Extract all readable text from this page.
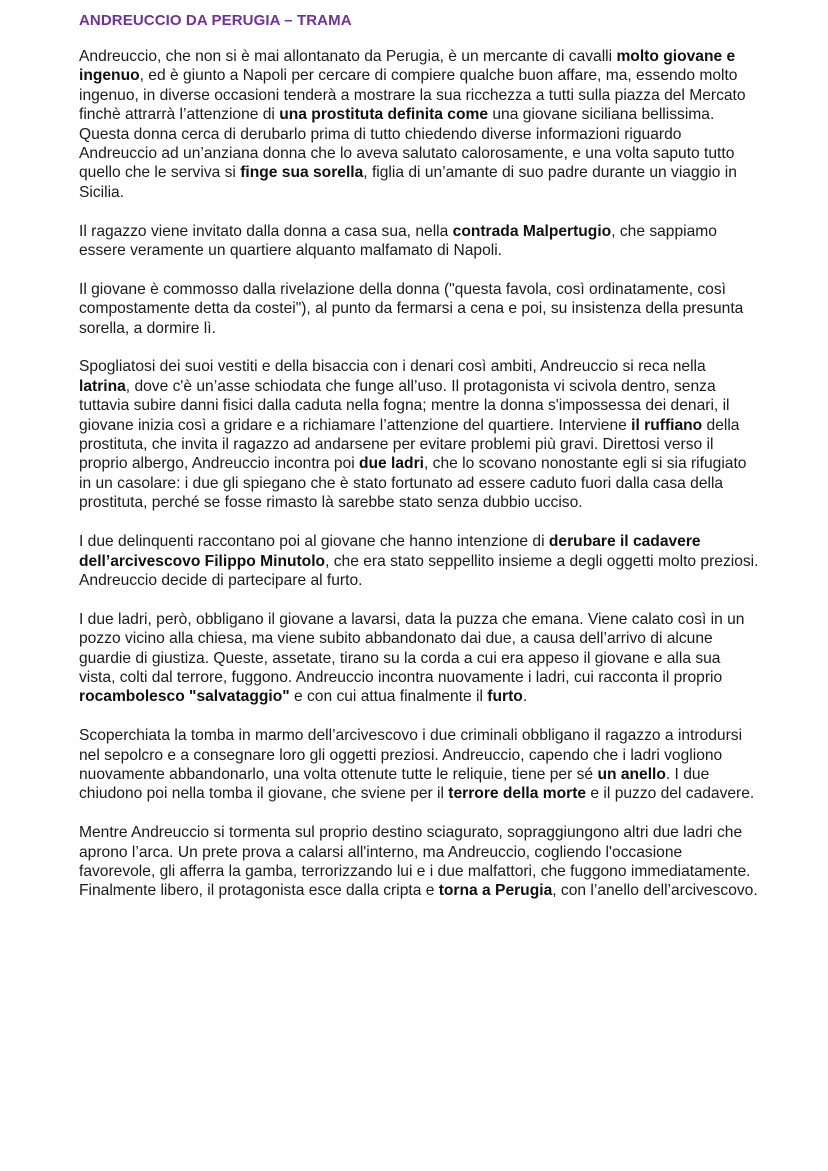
ANDREUCCIO DA PERUGIA – TRAMA

Andreuccio, che non si è mai allontanato da Perugia, è un mercante di cavalli molto giovane e ingenuo, ed è giunto a Napoli per cercare di compiere qualche buon affare, ma, essendo molto ingenuo, in diverse occasioni tenderà a mostrare la sua ricchezza a tutti sulla piazza del Mercato finchè attrarrà l’attenzione di una prostituta definita come una giovane siciliana bellissima. Questa donna cerca di derubarlo prima di tutto chiedendo diverse informazioni riguardo Andreuccio ad un’anziana donna che lo aveva salutato calorosamente, e una volta saputo tutto quello che le serviva si finge sua sorella, figlia di un’amante di suo padre durante un viaggio in Sicilia.

Il ragazzo viene invitato dalla donna a casa sua, nella contrada Malpertugio, che sappiamo essere veramente un quartiere alquanto malfamato di Napoli.

Il giovane è commosso dalla rivelazione della donna ("questa favola, così ordinatamente, così compostamente detta da costei"), al punto da fermarsi a cena e poi, su insistenza della presunta sorella, a dormire lì.

Spogliatosi dei suoi vestiti e della bisaccia con i denari così ambiti, Andreuccio si reca nella latrina, dove c'è un’asse schiodata che funge all’uso. Il protagonista vi scivola dentro, senza tuttavia subire danni fisici dalla caduta nella fogna; mentre la donna s'impossessa dei denari, il giovane inizia così a gridare e a richiamare l’attenzione del quartiere. Interviene il ruffiano della prostituta, che invita il ragazzo ad andarsene per evitare problemi più gravi. Direttosi verso il proprio albergo, Andreuccio incontra poi due ladri, che lo scovano nonostante egli si sia rifugiato in un casolare: i due gli spiegano che è stato fortunato ad essere caduto fuori dalla casa della prostituta, perché se fosse rimasto là sarebbe stato senza dubbio ucciso.

I due delinquenti raccontano poi al giovane che hanno intenzione di derubare il cadavere dell’arcivescovo Filippo Minutolo, che era stato seppellito insieme a degli oggetti molto preziosi. Andreuccio decide di partecipare al furto.

I due ladri, però, obbligano il giovane a lavarsi, data la puzza che emana. Viene calato così in un pozzo vicino alla chiesa, ma viene subito abbandonato dai due, a causa dell’arrivo di alcune guardie di giustiza. Queste, assetate, tirano su la corda a cui era appeso il giovane e alla sua vista, colti dal terrore, fuggono. Andreuccio incontra nuovamente i ladri, cui racconta il proprio rocambolesco "salvataggio" e con cui attua finalmente il furto.

Scoperchiata la tomba in marmo dell’arcivescovo i due criminali obbligano il ragazzo a introdursi nel sepolcro e a consegnare loro gli oggetti preziosi. Andreuccio, capendo che i ladri vogliono nuovamente abbandonarlo, una volta ottenute tutte le reliquie, tiene per sé un anello. I due chiudono poi nella tomba il giovane, che sviene per il terrore della morte e il puzzo del cadavere.

Mentre Andreuccio si tormenta sul proprio destino sciagurato, sopraggiungono altri due ladri che aprono l’arca. Un prete prova a calarsi all'interno, ma Andreuccio, cogliendo l'occasione favorevole, gli afferra la gamba, terrorizzando lui e i due malfattori, che fuggono immediatamente. Finalmente libero, il protagonista esce dalla cripta e torna a Perugia, con l’anello dell’arcivescovo.
